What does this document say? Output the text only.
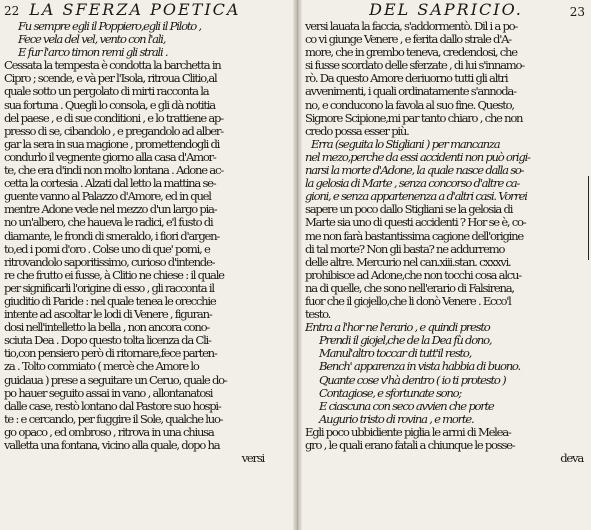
22 LA SFERZA POETICA
Fu sempre egli il Poppiero,egli il Piloto ,
Fece vela del vel, vento con l'ali,
E fur l'arco timon remi gli strali .
Cessata la tempesta è condotta la barchetta in
Cipro ; scende, e và per l'Isola, ritroua Clitio,al
quale sotto un pergolato di mirti racconta la
sua fortuna . Quegli lo consola, e gli dà notitia
del paese , e di sue conditioni , e lo trattiene ap-
presso di se, cibandolo , e pregandolo ad alber-
gar la sera in sua magione , promettendogli di
condurlo il vegnente giorno alla casa d'Amor-
te, che era d'indi non molto lontana . Adone ac-
cetta la cortesia . Alzati dal letto la mattina se-
guente vanno al Palazzo d'Amore, ed in quel
mentre Adone vede nel mezzo d'un largo pia-
no un'albero, che haueva le radici, e'l fusto di
diamante, le frondi di smeraldo, i fiori d'argen-
to,ed i pomi d'oro . Colse uno di que' pomi, e
ritrovandolo saporitissimo, curioso d'intende-
re che frutto ei fusse, à Clitio ne chiese : il quale
per significarli l'origine di esso , gli racconta il
giuditio di Paride : nel quale tenea le orecchie
intente ad ascoltar le lodi di Venere , figuran-
dosi nell'intelletto la bella , non ancora cono-
sciuta Dea . Dopo questo tolta licenza da Cli-
tio,con pensiero però di ritornare,fece parten-
za . Tolto commiato ( mercè che Amore lo
guidaua ) prese a seguitare un Ceruo, quale do-
po hauer seguito assai in vano , allontanatosi
dalle case, restò lontano dal Pastore suo hospi-
te : e cercando, per fuggire il Sole, qualche luo-
go opaco , ed ombroso , ritrova in una chiusa
valletta una fontana, vicino alla quale, dopo ha
versi
DEL SAPRICIO.	23
versi lauata la faccia, s'addormentò. Dil i a po-
co vi giunge Venere , e ferita dallo strale d'A-
more, che in grembo teneva, credendosi, che
si fusse scordato delle sferzate , di lui s'innamo-
rò. Da questo Amore deriuorno tutti gli altri
avvenimenti, i quali ordinatamente s'annoda-
no, e conducono la favola al suo fine. Questo,
Signore Scipione,mi par tanto chiaro , che non
credo possa esser più.
Erra (seguita lo Stigliani ) per mancanza
nel mezo,perche da essi accidenti non può origi-
narsi la morte d'Adone, la quale nasce dalla so-
la gelosia di Marte , senza concorso d'altre ca-
gioni, e senza appartenenza a d'altri casi. Vorrei
sapere un poco dallo Stigliani se la gelosia di
Marte sia uno di questi accidenti ? Hor se è, co-
me non farà bastantissima cagione dell'origine
di tal morte? Non gli basta? ne addurremo
delle altre. Mercurio nel can.xiii.stan. cxxxvi.
prohibisce ad Adone,che non tocchi cosa alcu-
na di quelle, che sono nell'erario di Falsirena,
fuor che il giojello,che li donò Venere . Ecco'l
testo.
Entra a l'hor ne l'erario , e quindi presto
Prendi il giojel,che de la Dea fù dono,
Manul'altro toccar di tutt'il resto,
Bench' apparenza in vista habbia di buono.
Quante cose v'hà dentro ( io ti protesto )
Contagiose, e sfortunate sono;
E ciascuna con seco avvien che porte
Augurio tristo di rovina , e morte.
Egli poco ubbidiente piglia le armi di Melea-
gro , le quali erano fatali a chiunque le posse-
deva
